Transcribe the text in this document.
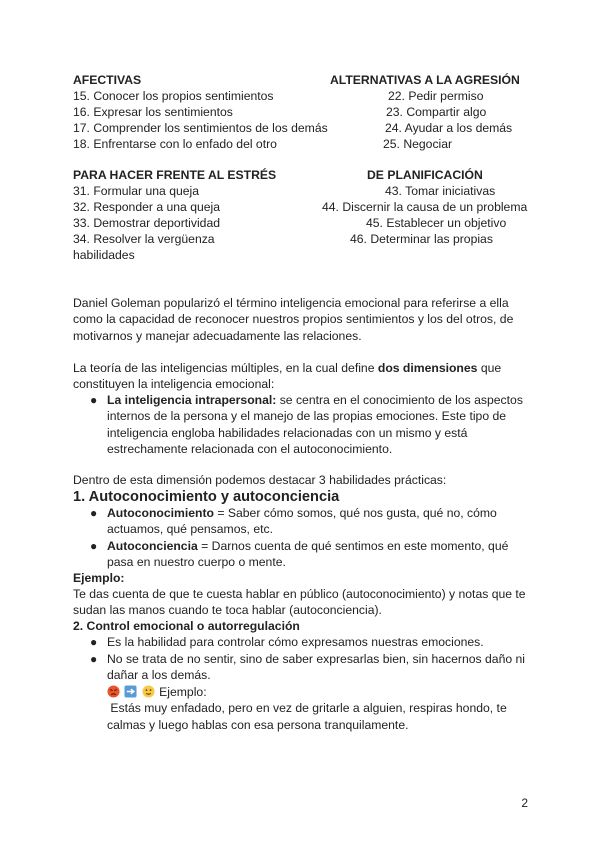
AFECTIVAS
15. Conocer los propios sentimientos
16. Expresar los sentimientos
17. Comprender los sentimientos de los demás
18. Enfrentarse con lo enfado del otro
ALTERNATIVAS A LA AGRESIÓN
22. Pedir permiso
23. Compartir algo
24. Ayudar a los demás
25. Negociar
PARA HACER FRENTE AL ESTRÉS
31. Formular una queja
32. Responder a una queja
33. Demostrar deportividad
34. Resolver la vergüenza
habilidades
DE PLANIFICACIÓN
43. Tomar iniciativas
44. Discernir la causa de un problema
45. Establecer un objetivo
46. Determinar las propias
Daniel Goleman popularizó el término inteligencia emocional para referirse a ella
como la capacidad de reconocer nuestros propios sentimientos y los del otros, de
motivarnos y manejar adecuadamente las relaciones.
La teoría de las inteligencias múltiples, en la cual define dos dimensiones que
constituyen la inteligencia emocional:
● La inteligencia intrapersonal: se centra en el conocimiento de los aspectos
internos de la persona y el manejo de las propias emociones. Este tipo de
inteligencia engloba habilidades relacionadas con un mismo y está
estrechamente relacionada con el autoconocimiento.
Dentro de esta dimensión podemos destacar 3 habilidades prácticas:
1. Autoconocimiento y autoconciencia
● Autoconocimiento = Saber cómo somos, qué nos gusta, qué no, cómo
actuamos, qué pensamos, etc.
● Autoconciencia = Darnos cuenta de qué sentimos en este momento, qué
pasa en nuestro cuerpo o mente.
Ejemplo:
Te das cuenta de que te cuesta hablar en público (autoconocimiento) y notas que te
sudan las manos cuando te toca hablar (autoconciencia).
2. Control emocional o autorregulación
● Es la habilidad para controlar cómo expresamos nuestras emociones.
● No se trata de no sentir, sino de saber expresarlas bien, sin hacernos daño ni
dañar a los demás.
Ejemplo:
Estás muy enfadado, pero en vez de gritarle a alguien, respiras hondo, te
calmas y luego hablas con esa persona tranquilamente.
2
